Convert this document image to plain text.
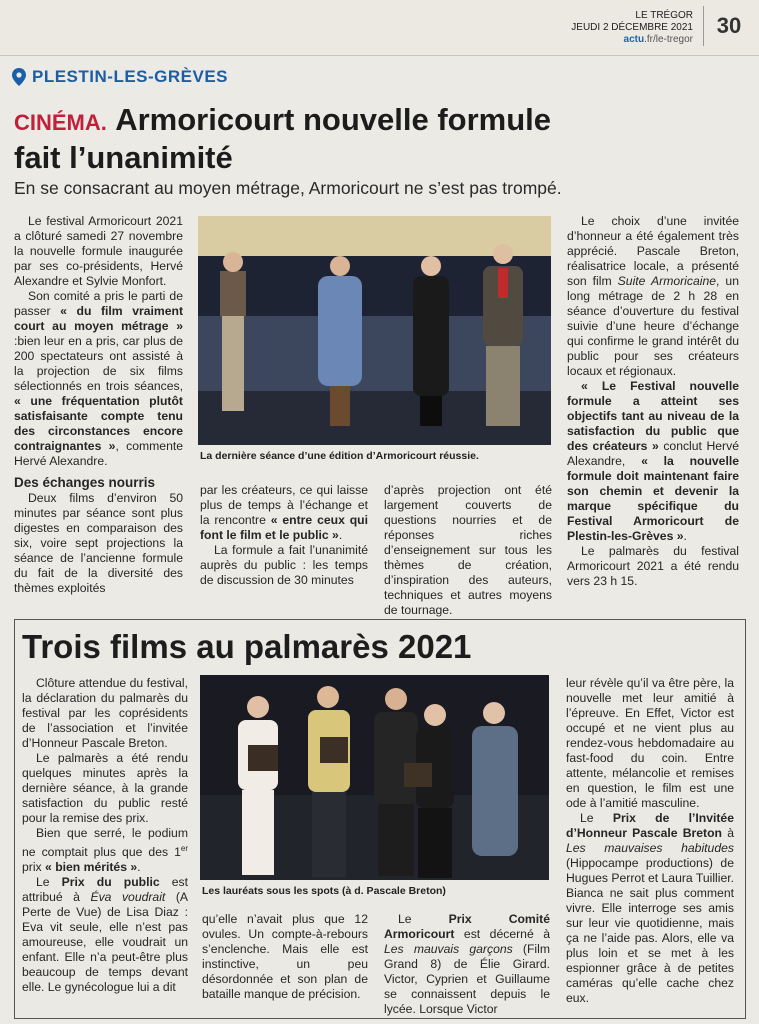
LE TRÉGOR
JEUDI 2 DÉCEMBRE 2021
actu.fr/le-tregor
30
PLESTIN-LES-GRÈVES
CINÉMA. Armoricourt nouvelle formule
fait l’unanimité
En se consacrant au moyen métrage, Armoricourt ne s’est pas trompé.

Le festival Armoricourt 2021 a clôturé samedi 27 novembre la nouvelle formule inaugurée par ses co-présidents, Hervé Alexandre et Sylvie Monfort.

Son comité a pris le parti de passer « du film vraiment court au moyen métrage » :bien leur en a pris, car plus de 200 spectateurs ont assisté à la projection de six films sélectionnés en trois séances, « une fréquentation plutôt satisfaisante compte tenu des circonstances encore contraignantes », commente Hervé Alexandre.

Des échanges nourris

Deux films d’environ 50 minutes par séance sont plus digestes en comparaison des six, voire sept projections la séance de l’ancienne formule du fait de la diversité des thèmes exploités

La dernière séance d’une édition d’Armoricourt réussie.

par les créateurs, ce qui laisse plus de temps à l’échange et la rencontre « entre ceux qui font le film et le public ».

La formule a fait l’unanimité auprès du public : les temps de discussion de 30 minutes

d’après projection ont été largement couverts de questions nourries et de réponses riches d’enseignement sur tous les thèmes de création, d’inspiration des auteurs, techniques et autres moyens de tournage.

Le choix d’une invitée d’honneur a été également très apprécié. Pascale Breton, réalisatrice locale, a présenté son film Suite Armoricaine, un long métrage de 2 h 28 en séance d’ouverture du festival suivie d’une heure d’échange qui confirme le grand intérêt du public pour ses créateurs locaux et régionaux.

« Le Festival nouvelle formule a atteint ses objectifs tant au niveau de la satisfaction du public que des créateurs » conclut Hervé Alexandre, « la nouvelle formule doit maintenant faire son chemin et devenir la marque spécifique du Festival Armoricourt de Plestin-les-Grèves ».

Le palmarès du festival Armoricourt 2021 a été rendu vers 23 h 15.

Trois films au palmarès 2021

Clôture attendue du festival, la déclaration du palmarès du festival par les coprésidents de l’association et l’invitée d’Honneur Pascale Breton.

Le palmarès a été rendu quelques minutes après la dernière séance, à la grande satisfaction du public resté pour la remise des prix.

Bien que serré, le podium ne comptait plus que des 1er prix « bien mérités ».

Le Prix du public est attribué à Éva voudrait (A Perte de Vue) de Lisa Diaz : Eva vit seule, elle n’est pas amoureuse, elle voudrait un enfant. Elle n’a peut-être plus beaucoup de temps devant elle. Le gynécologue lui a dit

Les lauréats sous les spots (à d. Pascale Breton)

qu’elle n’avait plus que 12 ovules. Un compte-à-rebours s’enclenche. Mais elle est instinctive, un peu désordonnée et son plan de bataille manque de précision.

Le Prix Comité Armoricourt est décerné à Les mauvais garçons (Film Grand 8) de Élie Girard. Victor, Cyprien et Guillaume se connaissent depuis le lycée. Lorsque Victor

leur révèle qu’il va être père, la nouvelle met leur amitié à l’épreuve. En Effet, Victor est occupé et ne vient plus au rendez-vous hebdomadaire au fast-food du coin. Entre attente, mélancolie et remises en question, le film est une ode à l’amitié masculine.

Le Prix de l’Invitée d’Honneur Pascale Breton à Les mauvaises habitudes (Hippocampe productions) de Hugues Perrot et Laura Tuillier. Bianca ne sait plus comment vivre. Elle interroge ses amis sur leur vie quotidienne, mais ça ne l’aide pas. Alors, elle va plus loin et se met à les espionner grâce à de petites caméras qu’elle cache chez eux.
